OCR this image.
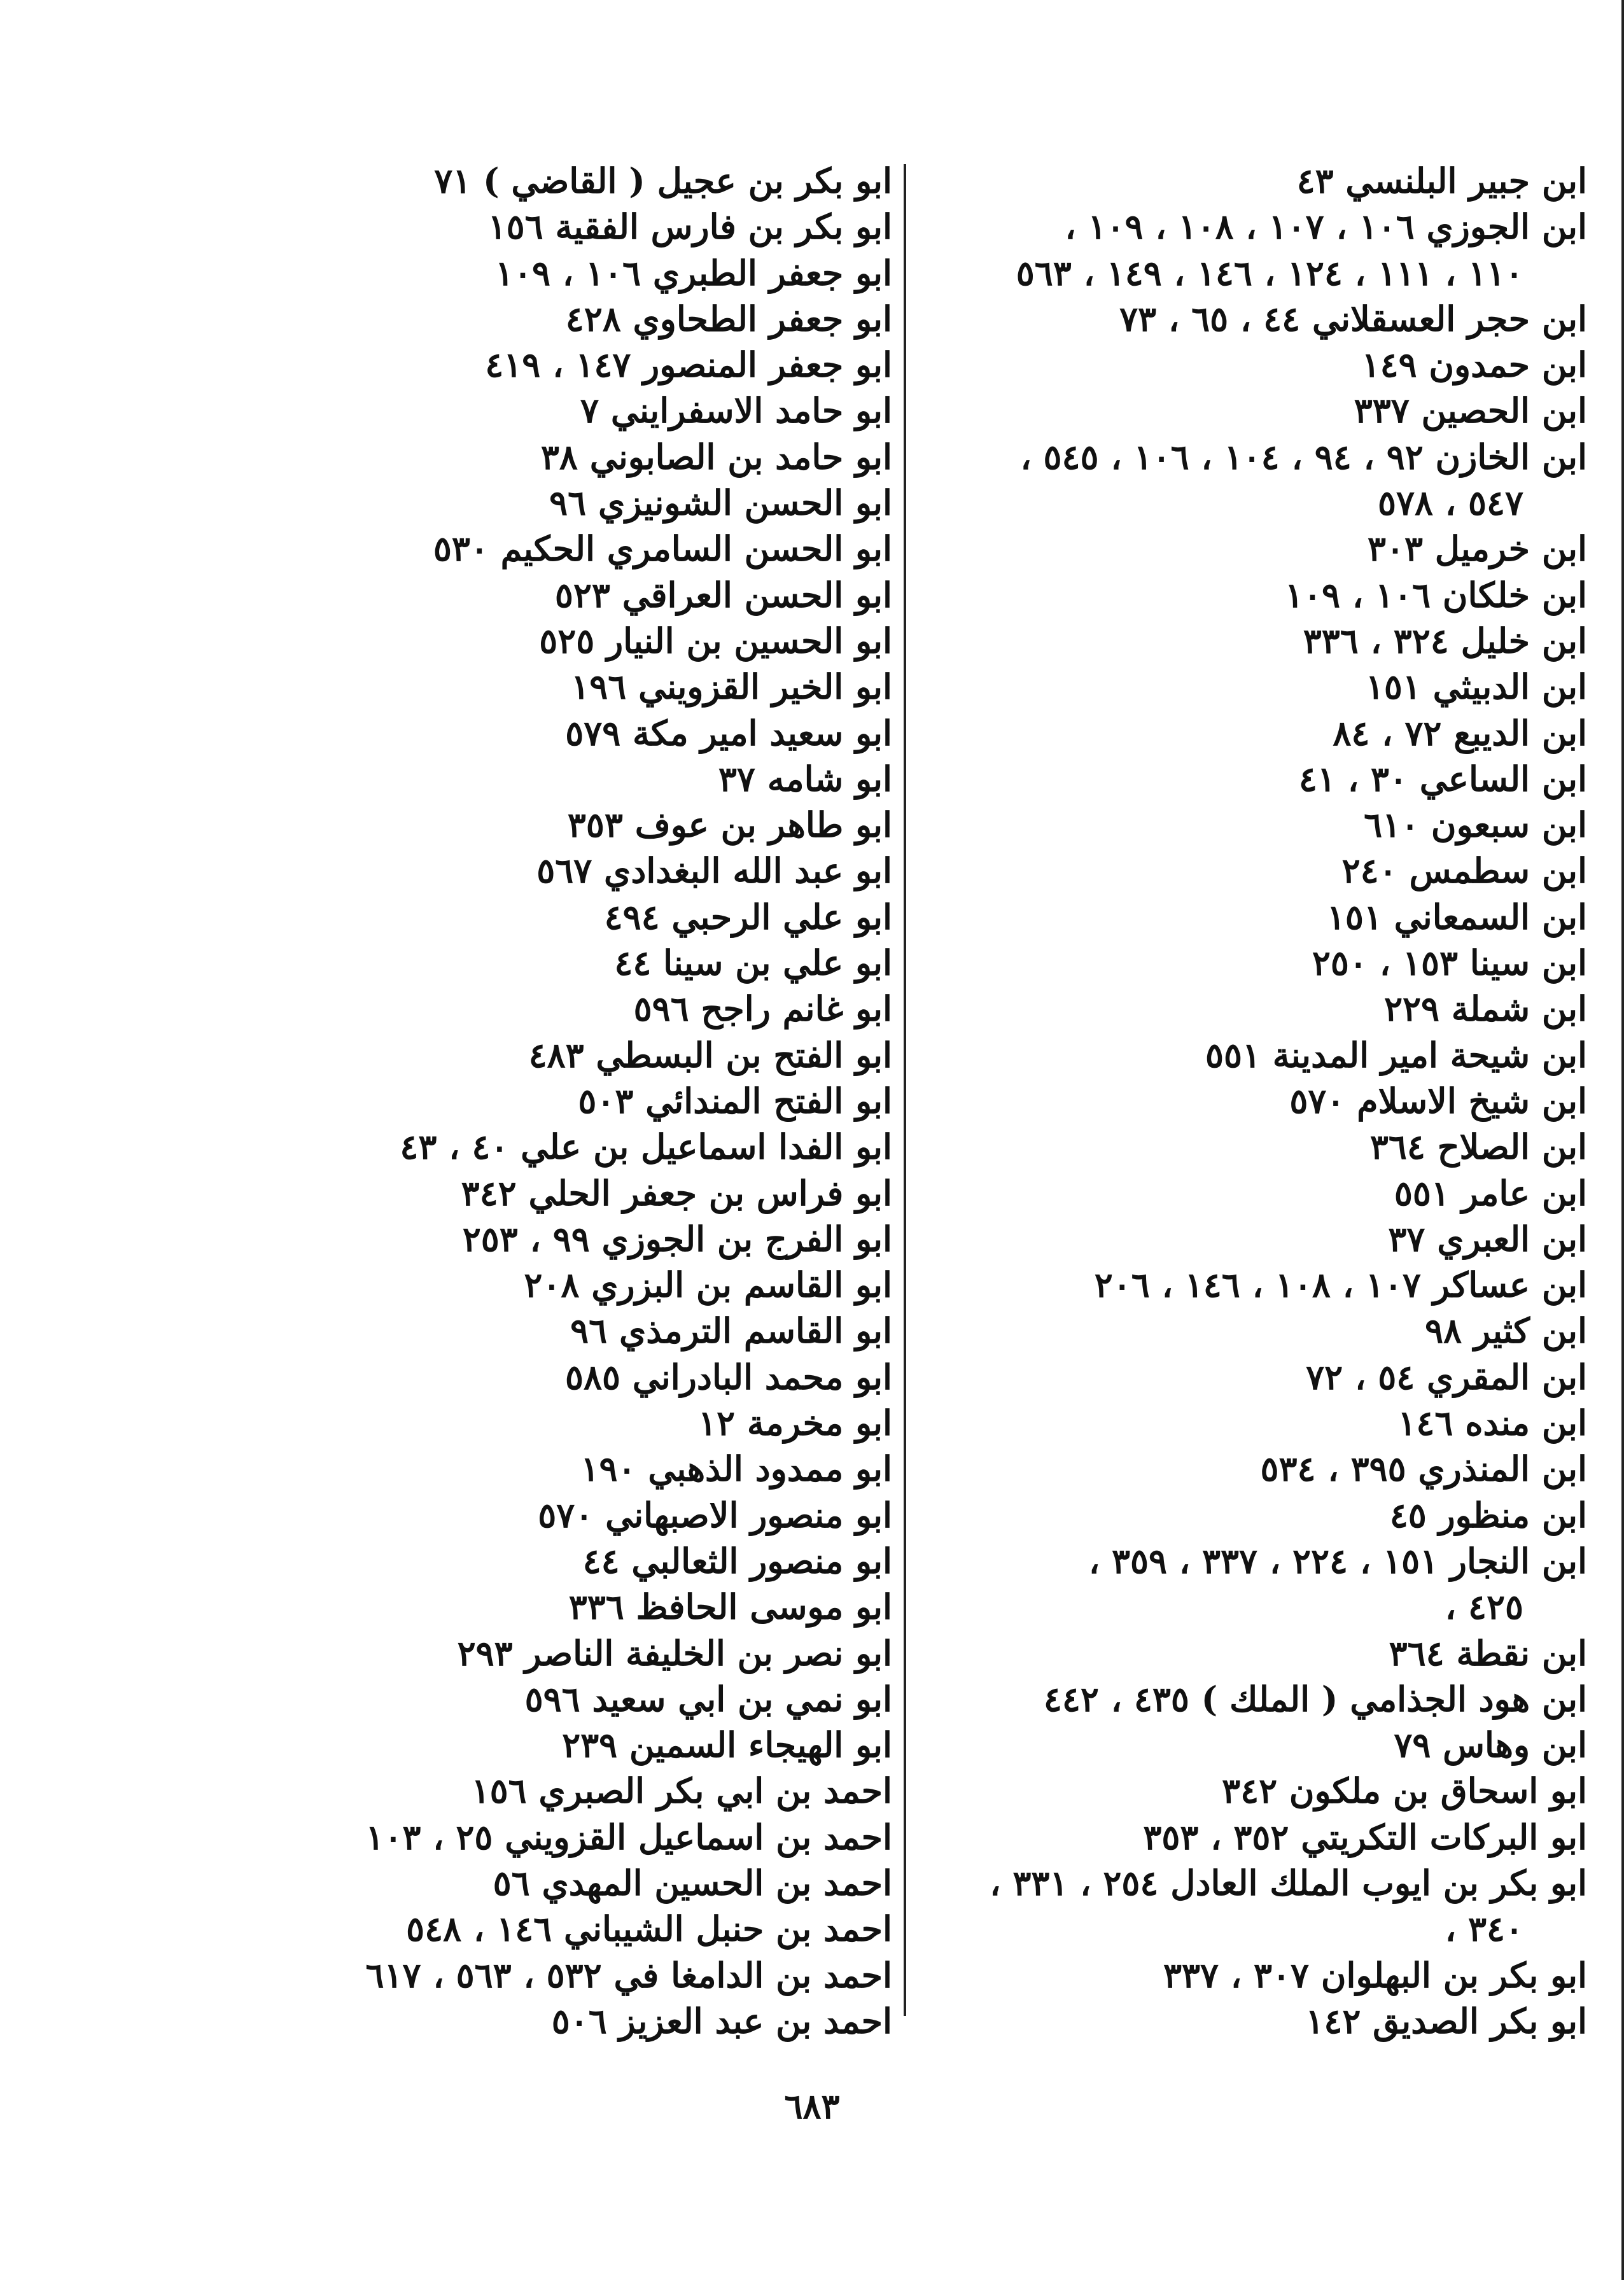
ابن جبير البلنسي ٤٣
ابن الجوزي ١٠٦ ، ١٠٧ ، ١٠٨ ، ١٠٩ ،
١١٠ ، ١١١ ، ١٢٤ ، ١٤٦ ، ١٤٩ ، ٥٦٣
ابن حجر العسقلاني ٤٤ ، ٦٥ ، ٧٣
ابن حمدون ١٤٩
ابن الحصين ٣٣٧
ابن الخازن ٩٢ ، ٩٤ ، ١٠٤ ، ١٠٦ ، ٥٤٥ ،
٥٤٧ ، ٥٧٨
ابن خرميل ٣٠٣
ابن خلكان ١٠٦ ، ١٠٩
ابن خليل ٣٢٤ ، ٣٣٦
ابن الدبيثي ١٥١
ابن الديبع ٧٢ ، ٨٤
ابن الساعي ٣٠ ، ٤١
ابن سبعون ٦١٠
ابن سطمس ٢٤٠
ابن السمعاني ١٥١
ابن سينا ١٥٣ ، ٢٥٠
ابن شملة ٢٢٩
ابن شيحة امير المدينة ٥٥١
ابن شيخ الاسلام ٥٧٠
ابن الصلاح ٣٦٤
ابن عامر ٥٥١
ابن العبري ٣٧
ابن عساكر ١٠٧ ، ١٠٨ ، ١٤٦ ، ٢٠٦
ابن كثير ٩٨
ابن المقري ٥٤ ، ٧٢
ابن منده ١٤٦
ابن المنذري ٣٩٥ ، ٥٣٤
ابن منظور ٤٥
ابن النجار ١٥١ ، ٢٢٤ ، ٣٣٧ ، ٣٥٩ ،
٤٢٥ ،
ابن نقطة ٣٦٤
ابن هود الجذامي ( الملك ) ٤٣٥ ، ٤٤٢
ابن وهاس ٧٩
ابو اسحاق بن ملكون ٣٤٢
ابو البركات التكريتي ٣٥٢ ، ٣٥٣
ابو بكر بن ايوب الملك العادل ٢٥٤ ، ٣٣١ ،
٣٤٠ ،
ابو بكر بن البهلوان ٣٠٧ ، ٣٣٧
ابو بكر الصديق ١٤٢
ابو بكر بن عجيل ( القاضي ) ٧١
ابو بكر بن فارس الفقية ١٥٦
ابو جعفر الطبري ١٠٦ ، ١٠٩
ابو جعفر الطحاوي ٤٢٨
ابو جعفر المنصور ١٤٧ ، ٤١٩
ابو حامد الاسفرايني ٧
ابو حامد بن الصابوني ٣٨
ابو الحسن الشونيزي ٩٦
ابو الحسن السامري الحكيم ٥٣٠
ابو الحسن العراقي ٥٢٣
ابو الحسين بن النيار ٥٢٥
ابو الخير القزويني ١٩٦
ابو سعيد امير مكة ٥٧٩
ابو شامه ٣٧
ابو طاهر بن عوف ٣٥٣
ابو عبد الله البغدادي ٥٦٧
ابو علي الرحبي ٤٩٤
ابو علي بن سينا ٤٤
ابو غانم راجح ٥٩٦
ابو الفتح بن البسطي ٤٨٣
ابو الفتح المندائي ٥٠٣
ابو الفدا اسماعيل بن علي ٤٠ ، ٤٣
ابو فراس بن جعفر الحلي ٣٤٢
ابو الفرج بن الجوزي ٩٩ ، ٢٥٣
ابو القاسم بن البزري ٢٠٨
ابو القاسم الترمذي ٩٦
ابو محمد البادراني ٥٨٥
ابو مخرمة ١٢
ابو ممدود الذهبي ١٩٠
ابو منصور الاصبهاني ٥٧٠
ابو منصور الثعالبي ٤٤
ابو موسى الحافظ ٣٣٦
ابو نصر بن الخليفة الناصر ٢٩٣
ابو نمي بن ابي سعيد ٥٩٦
ابو الهيجاء السمين ٢٣٩
احمد بن ابي بكر الصبري ١٥٦
احمد بن اسماعيل القزويني ٢٥ ، ١٠٣
احمد بن الحسين المهدي ٥٦
احمد بن حنبل الشيباني ١٤٦ ، ٥٤٨
احمد بن الدامغا في ٥٣٢ ، ٥٦٣ ، ٦١٧
احمد بن عبد العزيز ٥٠٦
٦٨٣
